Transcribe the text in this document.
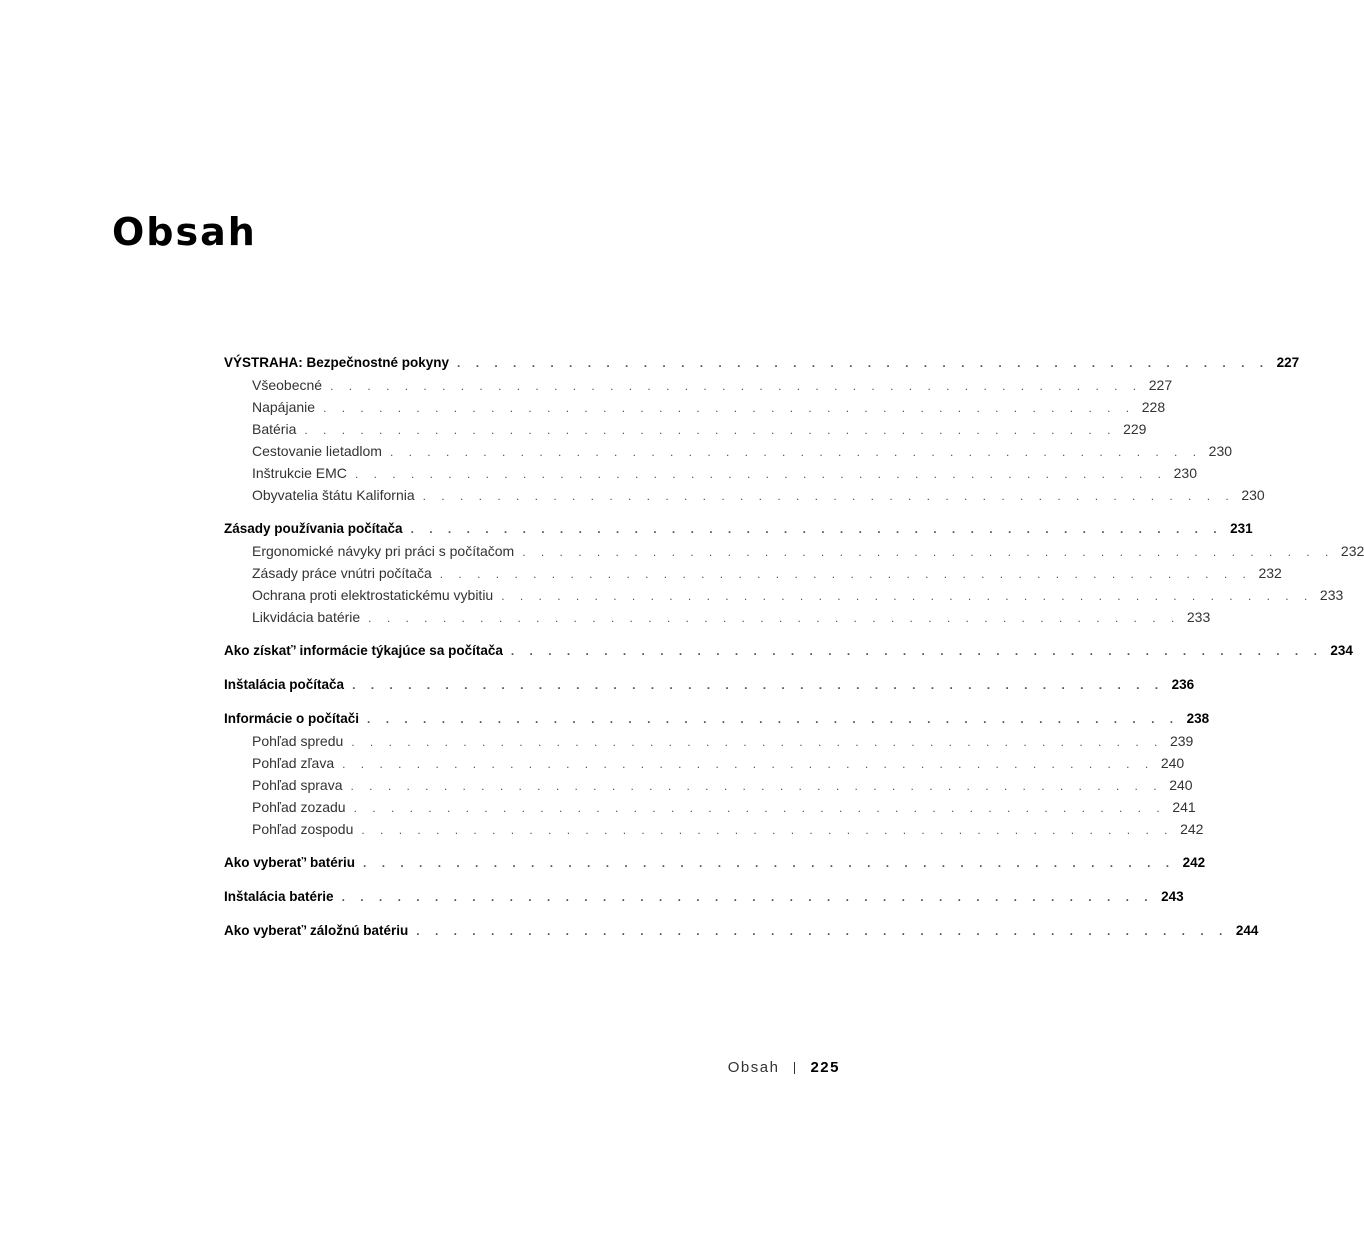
Obsah
VÝSTRAHA: Bezpečnostné pokyny . . . . . . . . . . . . . . . . . . . . . . . . . . . . . . . . . . . . . . . . . . . . 227
Všeobecné . . . . . . . . . . . . . . . . . . . . . . . . . . . . . . . . . . . . . . . . . . . . 227
Napájanie . . . . . . . . . . . . . . . . . . . . . . . . . . . . . . . . . . . . . . . . . . . . 228
Batéria . . . . . . . . . . . . . . . . . . . . . . . . . . . . . . . . . . . . . . . . . . . . 229
Cestovanie lietadlom . . . . . . . . . . . . . . . . . . . . . . . . . . . . . . . . . . . . . . . . . . . . 230
Inštrukcie EMC . . . . . . . . . . . . . . . . . . . . . . . . . . . . . . . . . . . . . . . . . . . . 230
Obyvatelia štátu Kalifornia . . . . . . . . . . . . . . . . . . . . . . . . . . . . . . . . . . . . . . . . . . . . 230
Zásady používania počítača . . . . . . . . . . . . . . . . . . . . . . . . . . . . . . . . . . . . . . . . . . . . 231
Ergonomické návyky pri práci s počítačom . . . . . . . . . . . . . . . . . . . . . . . . . . . . . . . . . . . . . . . . . . . . 232
Zásady práce vnútri počítača . . . . . . . . . . . . . . . . . . . . . . . . . . . . . . . . . . . . . . . . . . . . 232
Ochrana proti elektrostatickému vybitiu . . . . . . . . . . . . . . . . . . . . . . . . . . . . . . . . . . . . . . . . . . . . 233
Likvidácia batérie . . . . . . . . . . . . . . . . . . . . . . . . . . . . . . . . . . . . . . . . . . . . 233
Ako získať’ informácie týkajúce sa počítača . . . . . . . . . . . . . . . . . . . . . . . . . . . . . . . . . . . . . . . . . . . . 234
Inštalácia počítača . . . . . . . . . . . . . . . . . . . . . . . . . . . . . . . . . . . . . . . . . . . . 236
Informácie o počítači . . . . . . . . . . . . . . . . . . . . . . . . . . . . . . . . . . . . . . . . . . . . 238
Pohľad spredu . . . . . . . . . . . . . . . . . . . . . . . . . . . . . . . . . . . . . . . . . . . . 239
Pohľad zľava . . . . . . . . . . . . . . . . . . . . . . . . . . . . . . . . . . . . . . . . . . . . 240
Pohľad sprava . . . . . . . . . . . . . . . . . . . . . . . . . . . . . . . . . . . . . . . . . . . . 240
Pohľad zozadu . . . . . . . . . . . . . . . . . . . . . . . . . . . . . . . . . . . . . . . . . . . . 241
Pohľad zospodu . . . . . . . . . . . . . . . . . . . . . . . . . . . . . . . . . . . . . . . . . . . . 242
Ako vyberať’ batériu . . . . . . . . . . . . . . . . . . . . . . . . . . . . . . . . . . . . . . . . . . . . 242
Inštalácia batérie . . . . . . . . . . . . . . . . . . . . . . . . . . . . . . . . . . . . . . . . . . . . 243
Ako vyberať’ záložnú batériu . . . . . . . . . . . . . . . . . . . . . . . . . . . . . . . . . . . . . . . . . . . . 244
Obsah 225
